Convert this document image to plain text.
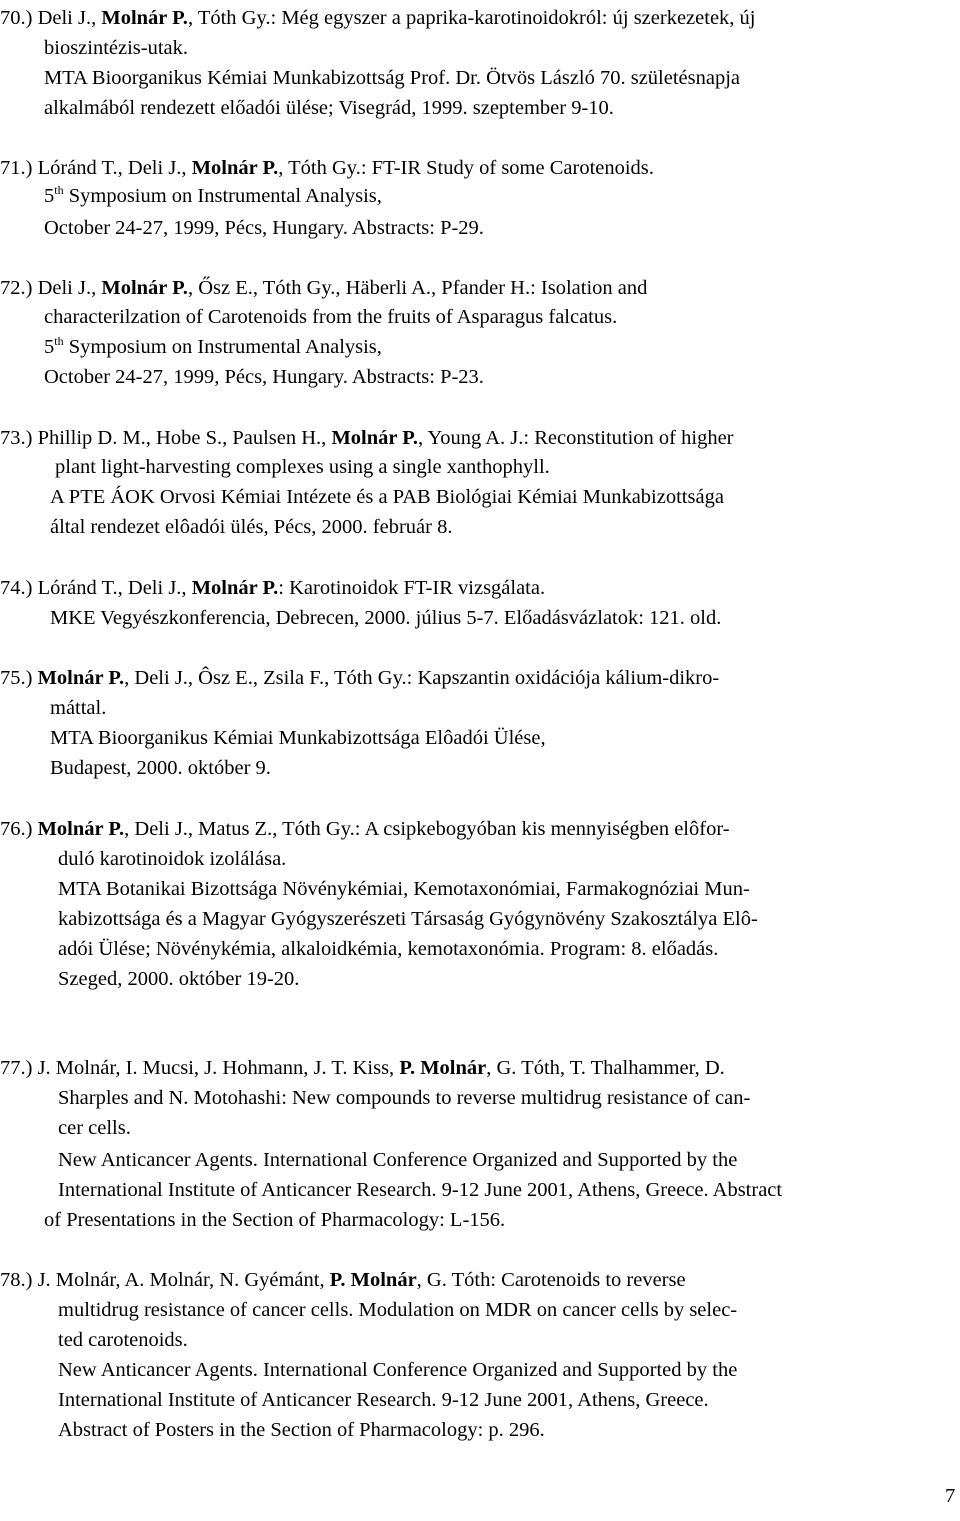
70.) Deli J., Molnár P., Tóth Gy.: Még egyszer a paprika-karotinoidokról: új szerkezetek, új

bioszintézis-utak.

MTA Bioorganikus Kémiai Munkabizottság Prof. Dr. Ötvös László 70. születésnapja

alkalmából rendezett előadói ülése; Visegrád, 1999. szeptember 9-10.

71.) Lóránd T., Deli J., Molnár P., Tóth Gy.: FT-IR Study of some Carotenoids.

5th Symposium on Instrumental Analysis,

October 24-27, 1999, Pécs, Hungary. Abstracts: P-29.

72.) Deli J., Molnár P., Ősz E., Tóth Gy., Häberli A., Pfander H.: Isolation and

characterilzation of Carotenoids from the fruits of Asparagus falcatus.

5th Symposium on Instrumental Analysis,

October 24-27, 1999, Pécs, Hungary. Abstracts: P-23.

73.) Phillip D. M., Hobe S., Paulsen H., Molnár P., Young A. J.: Reconstitution of higher

plant light-harvesting complexes using a single xanthophyll.

A PTE ÁOK Orvosi Kémiai Intézete és a PAB Biológiai Kémiai Munkabizottsága

által rendezet elôadói ülés, Pécs, 2000. február 8.

74.) Lóránd T., Deli J., Molnár P.: Karotinoidok FT-IR vizsgálata.

MKE Vegyészkonferencia, Debrecen, 2000. július 5-7. Előadásvázlatok: 121. old.

75.) Molnár P., Deli J., Ôsz E., Zsila F., Tóth Gy.: Kapszantin oxidációja kálium-dikro-

máttal.

MTA Bioorganikus Kémiai Munkabizottsága Elôadói Ülése,

Budapest, 2000. október 9.

76.) Molnár P., Deli J., Matus Z., Tóth Gy.: A csipkebogyóban kis mennyiségben elôfor-

duló karotinoidok izolálása.

MTA Botanikai Bizottsága Növénykémiai, Kemotaxonómiai, Farmakognóziai Mun-

kabizottsága és a Magyar Gyógyszerészeti Társaság Gyógynövény Szakosztálya Elô-

adói Ülése; Növénykémia, alkaloidkémia, kemotaxonómia. Program: 8. előadás.

Szeged, 2000. október 19-20.

77.) J. Molnár, I. Mucsi, J. Hohmann, J. T. Kiss, P. Molnár, G. Tóth, T. Thalhammer, D.

Sharples and N. Motohashi: New compounds to reverse multidrug resistance of can-

cer cells.

New Anticancer Agents. International Conference Organized and Supported by the

International Institute of Anticancer Research. 9-12 June 2001, Athens, Greece. Abstract

of Presentations in the Section of Pharmacology: L-156.

78.) J. Molnár, A. Molnár, N. Gyémánt, P. Molnár, G. Tóth: Carotenoids to reverse

multidrug resistance of cancer cells. Modulation on MDR on cancer cells by selec-

ted carotenoids.

New Anticancer Agents. International Conference Organized and Supported by the

International Institute of Anticancer Research. 9-12 June 2001, Athens, Greece.

Abstract of Posters in the Section of Pharmacology: p. 296.

7
